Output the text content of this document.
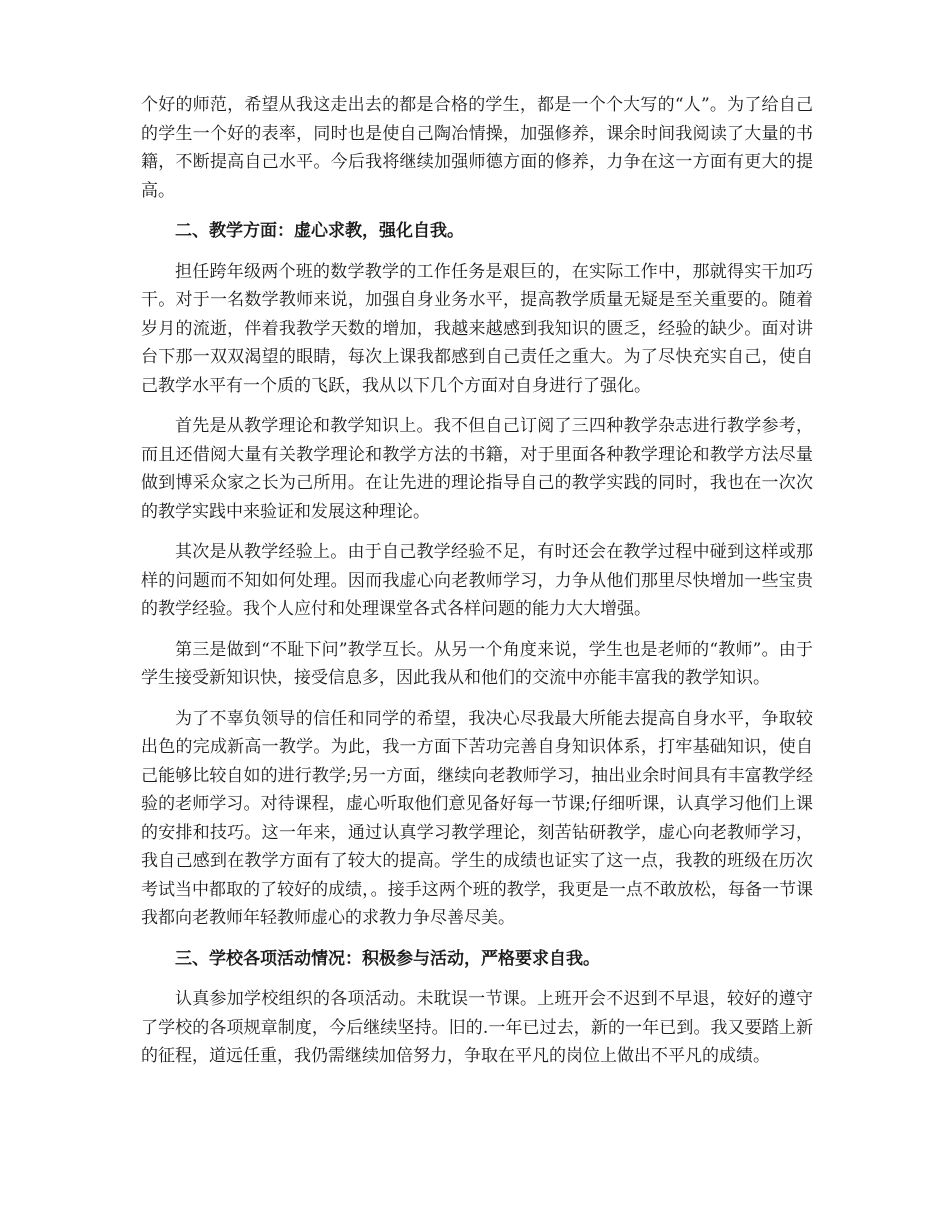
个好的师范，希望从我这走出去的都是合格的学生，都是一个个大写的“人”。为了给自己的学生一个好的表率，同时也是使自己陶冶情操，加强修养，课余时间我阅读了大量的书籍，不断提高自己水平。今后我将继续加强师德方面的修养，力争在这一方面有更大的提高。

二、教学方面：虚心求教，强化自我。

担任跨年级两个班的数学教学的工作任务是艰巨的，在实际工作中，那就得实干加巧干。对于一名数学教师来说，加强自身业务水平，提高教学质量无疑是至关重要的。随着岁月的流逝，伴着我教学天数的增加，我越来越感到我知识的匮乏，经验的缺少。面对讲台下那一双双渴望的眼睛，每次上课我都感到自己责任之重大。为了尽快充实自己，使自己教学水平有一个质的飞跃，我从以下几个方面对自身进行了强化。

首先是从教学理论和教学知识上。我不但自己订阅了三四种教学杂志进行教学参考，而且还借阅大量有关教学理论和教学方法的书籍，对于里面各种教学理论和教学方法尽量做到博采众家之长为己所用。在让先进的理论指导自己的教学实践的同时，我也在一次次的教学实践中来验证和发展这种理论。

其次是从教学经验上。由于自己教学经验不足，有时还会在教学过程中碰到这样或那样的问题而不知如何处理。因而我虚心向老教师学习，力争从他们那里尽快增加一些宝贵的教学经验。我个人应付和处理课堂各式各样问题的能力大大增强。

第三是做到“不耻下问”教学互长。从另一个角度来说，学生也是老师的“教师”。由于学生接受新知识快，接受信息多，因此我从和他们的交流中亦能丰富我的教学知识。

为了不辜负领导的信任和同学的希望，我决心尽我最大所能去提高自身水平，争取较出色的完成新高一教学。为此，我一方面下苦功完善自身知识体系，打牢基础知识，使自己能够比较自如的进行教学;另一方面，继续向老教师学习，抽出业余时间具有丰富教学经验的老师学习。对待课程，虚心听取他们意见备好每一节课;仔细听课，认真学习他们上课的安排和技巧。这一年来，通过认真学习教学理论，刻苦钻研教学，虚心向老教师学习，我自己感到在教学方面有了较大的提高。学生的成绩也证实了这一点，我教的班级在历次考试当中都取的了较好的成绩，。接手这两个班的教学，我更是一点不敢放松，每备一节课我都向老教师年轻教师虚心的求教力争尽善尽美。

三、学校各项活动情况：积极参与活动，严格要求自我。

认真参加学校组织的各项活动。未耽误一节课。上班开会不迟到不早退，较好的遵守了学校的各项规章制度，今后继续坚持。旧的.一年已过去，新的一年已到。我又要踏上新的征程，道远任重，我仍需继续加倍努力，争取在平凡的岗位上做出不平凡的成绩。
